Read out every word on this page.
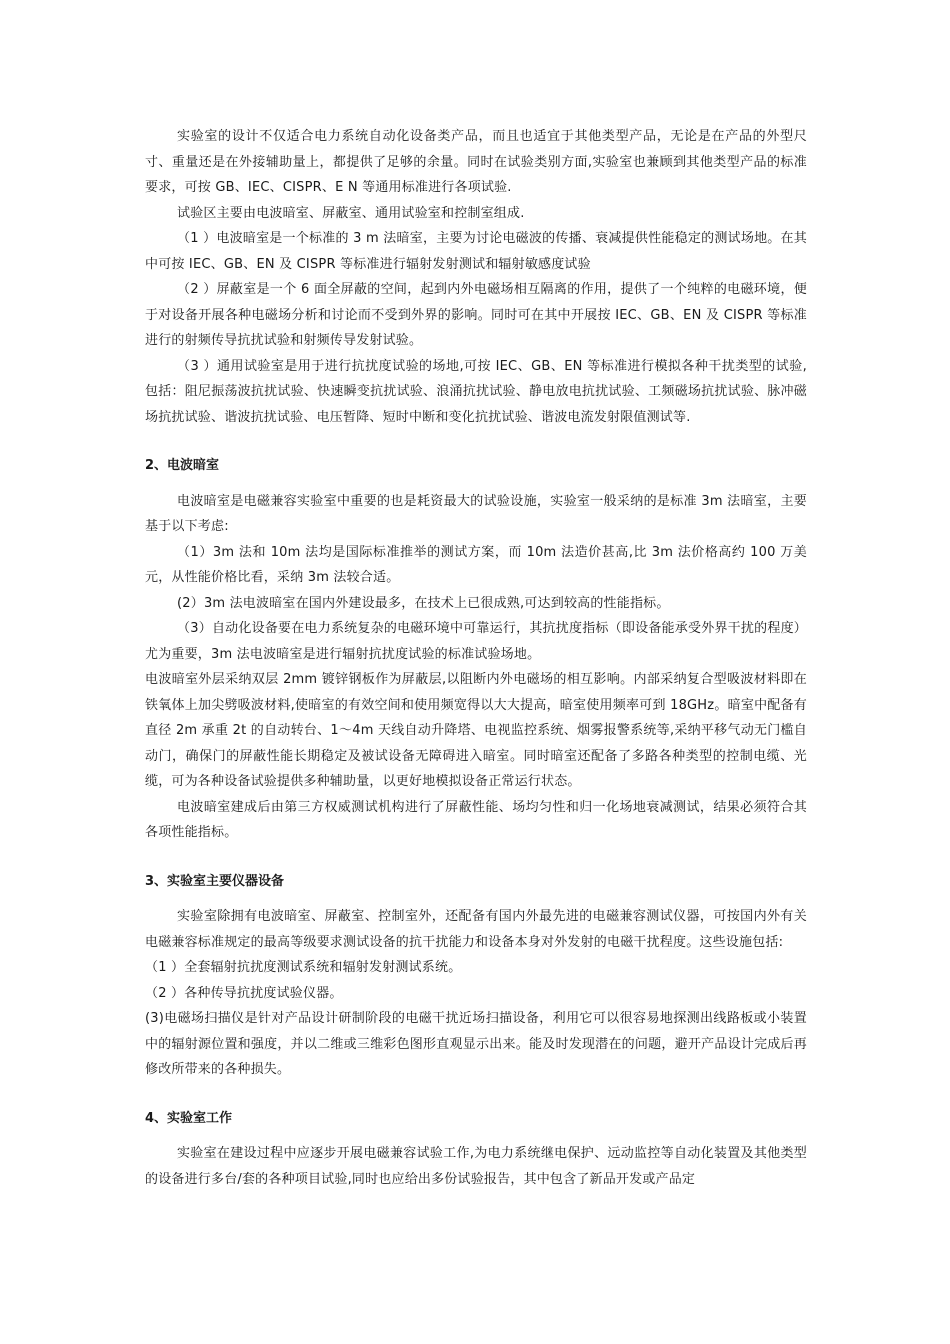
实验室的设计不仅适合电力系统自动化设备类产品，而且也适宜于其他类型产品，无论是在产品的外型尺寸、重量还是在外接辅助量上，都提供了足够的余量。同时在试验类别方面,实验室也兼顾到其他类型产品的标准要求，可按 GB、IEC、CISPR、E N 等通用标准进行各项试验.

试验区主要由电波暗室、屏蔽室、通用试验室和控制室组成.

（1 ）电波暗室是一个标准的 3 m 法暗室，主要为讨论电磁波的传播、衰减提供性能稳定的测试场地。在其中可按 IEC、GB、EN 及 CISPR 等标准进行辐射发射测试和辐射敏感度试验

（2 ）屏蔽室是一个 6 面全屏蔽的空间，起到内外电磁场相互隔离的作用，提供了一个纯粹的电磁环境，便于对设备开展各种电磁场分析和讨论而不受到外界的影响。同时可在其中开展按 IEC、GB、EN 及 CISPR 等标准进行的射频传导抗扰试验和射频传导发射试验。

（3 ）通用试验室是用于进行抗扰度试验的场地,可按 IEC、GB、EN 等标准进行模拟各种干扰类型的试验,包括：阻尼振荡波抗扰试验、快速瞬变抗扰试验、浪涌抗扰试验、静电放电抗扰试验、工频磁场抗扰试验、脉冲磁场抗扰试验、谐波抗扰试验、电压暂降、短时中断和变化抗扰试验、谐波电流发射限值测试等.

2、电波暗室

电波暗室是电磁兼容实验室中重要的也是耗资最大的试验设施，实验室一般采纳的是标准 3m 法暗室，主要基于以下考虑:

（1）3m 法和 10m 法均是国际标准推举的测试方案，而 10m 法造价甚高,比 3m 法价格高约 100 万美元，从性能价格比看，采纳 3m 法较合适。

(2）3m 法电波暗室在国内外建设最多，在技术上已很成熟,可达到较高的性能指标。

（3）自动化设备要在电力系统复杂的电磁环境中可靠运行，其抗扰度指标（即设备能承受外界干扰的程度）尤为重要，3m 法电波暗室是进行辐射抗扰度试验的标准试验场地。

电波暗室外层采纳双层 2mm 镀锌钢板作为屏蔽层,以阻断内外电磁场的相互影响。内部采纳复合型吸波材料即在铁氧体上加尖劈吸波材料,使暗室的有效空间和使用频宽得以大大提高，暗室使用频率可到 18GHz。暗室中配备有直径 2m 承重 2t 的自动转台、1～4m 天线自动升降塔、电视监控系统、烟雾报警系统等,采纳平移气动无门槛自动门，确保门的屏蔽性能长期稳定及被试设备无障碍进入暗室。同时暗室还配备了多路各种类型的控制电缆、光缆，可为各种设备试验提供多种辅助量，以更好地模拟设备正常运行状态。

电波暗室建成后由第三方权威测试机构进行了屏蔽性能、场均匀性和归一化场地衰减测试，结果必须符合其各项性能指标。

3、实验室主要仪器设备

实验室除拥有电波暗室、屏蔽室、控制室外，还配备有国内外最先进的电磁兼容测试仪器，可按国内外有关电磁兼容标准规定的最高等级要求测试设备的抗干扰能力和设备本身对外发射的电磁干扰程度。这些设施包括:

（1 ）全套辐射抗扰度测试系统和辐射发射测试系统。

（2 ）各种传导抗扰度试验仪器。

(3)电磁场扫描仪是针对产品设计研制阶段的电磁干扰近场扫描设备，利用它可以很容易地探测出线路板或小装置中的辐射源位置和强度，并以二维或三维彩色图形直观显示出来。能及时发现潜在的问题，避开产品设计完成后再修改所带来的各种损失。

4、实验室工作

实验室在建设过程中应逐步开展电磁兼容试验工作,为电力系统继电保护、远动监控等自动化装置及其他类型的设备进行多台/套的各种项目试验,同时也应给出多份试验报告，其中包含了新品开发或产品定
